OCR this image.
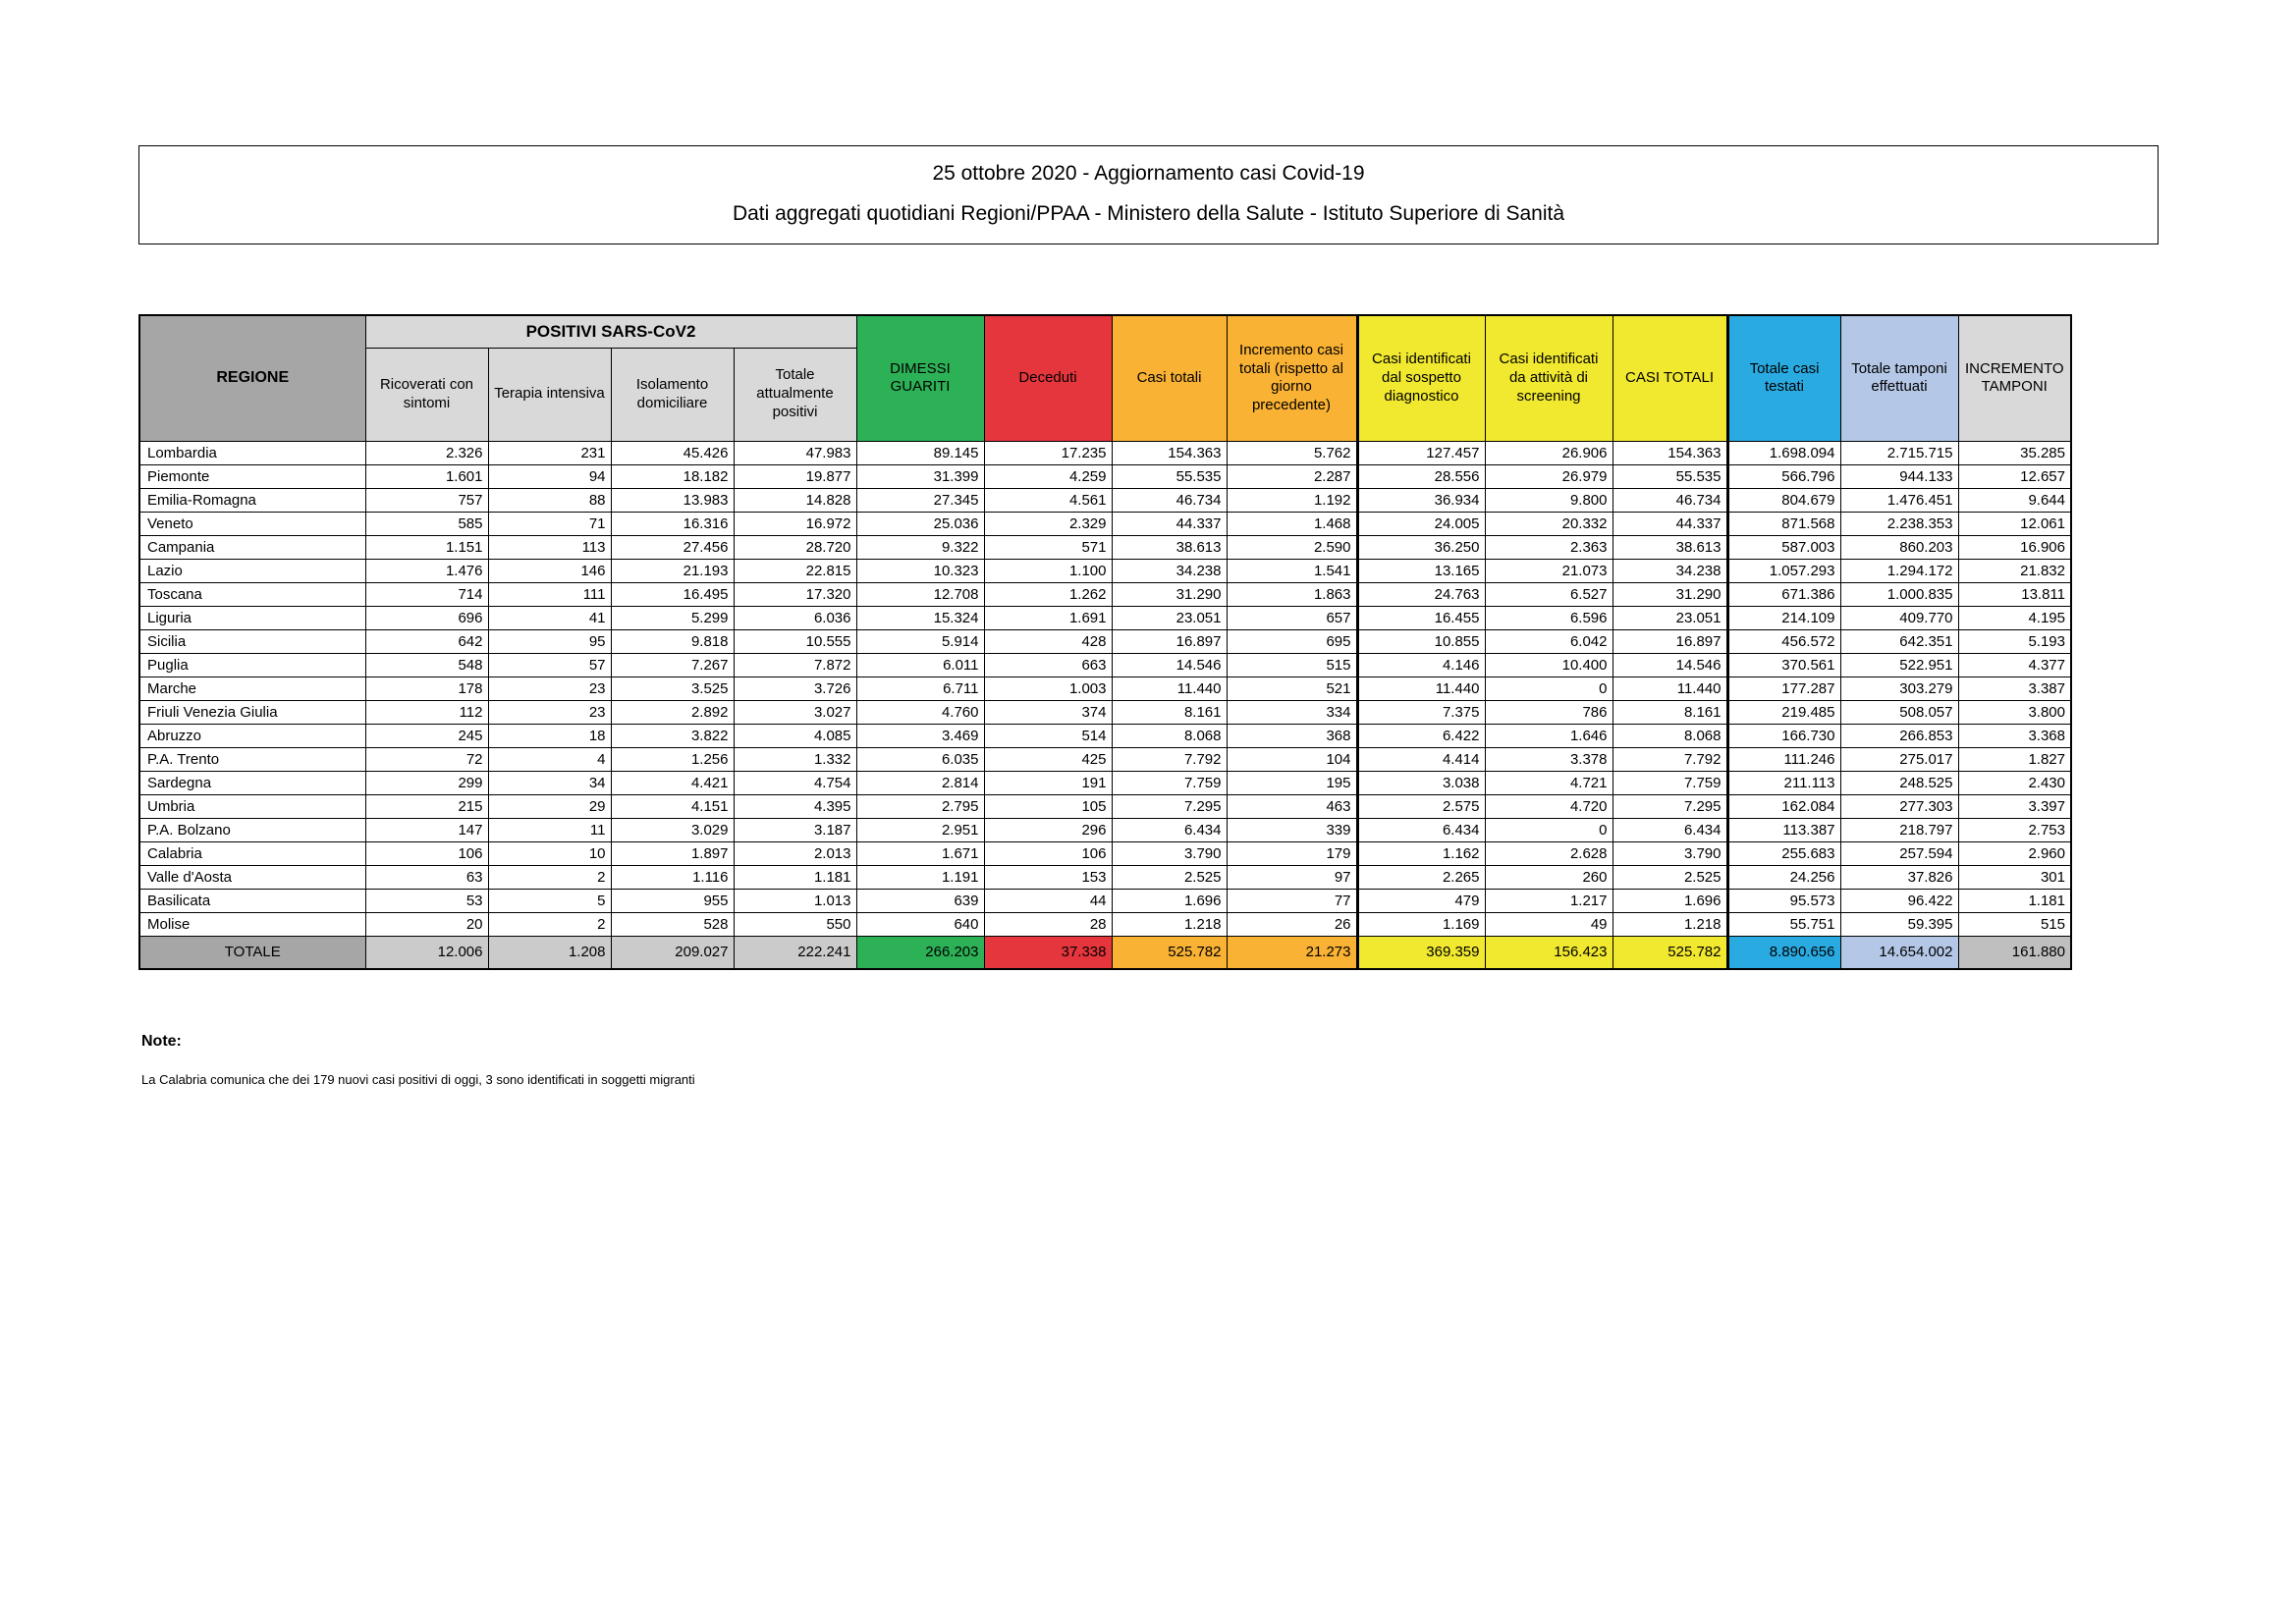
25 ottobre 2020 - Aggiornamento casi Covid-19
Dati aggregati quotidiani Regioni/PPAA - Ministero della Salute - Istituto Superiore di Sanità
REGIONE	POSITIVI SARS-CoV2				DIMESSI GUARITI	Deceduti	Casi totali	Incremento casi totali (rispetto al giorno precedente)	Casi identificati dal sospetto diagnostico	Casi identificati da attività di screening	CASI TOTALI	Totale casi testati	Totale tamponi effettuati	INCREMENTO TAMPONI
	Ricoverati con sintomi	Terapia intensiva	Isolamento domiciliare	Totale attualmente positivi										
Lombardia	2.326	231	45.426	47.983	89.145	17.235	154.363	5.762	127.457	26.906	154.363	1.698.094	2.715.715	35.285
Piemonte	1.601	94	18.182	19.877	31.399	4.259	55.535	2.287	28.556	26.979	55.535	566.796	944.133	12.657
Emilia-Romagna	757	88	13.983	14.828	27.345	4.561	46.734	1.192	36.934	9.800	46.734	804.679	1.476.451	9.644
Veneto	585	71	16.316	16.972	25.036	2.329	44.337	1.468	24.005	20.332	44.337	871.568	2.238.353	12.061
Campania	1.151	113	27.456	28.720	9.322	571	38.613	2.590	36.250	2.363	38.613	587.003	860.203	16.906
Lazio	1.476	146	21.193	22.815	10.323	1.100	34.238	1.541	13.165	21.073	34.238	1.057.293	1.294.172	21.832
Toscana	714	111	16.495	17.320	12.708	1.262	31.290	1.863	24.763	6.527	31.290	671.386	1.000.835	13.811
Liguria	696	41	5.299	6.036	15.324	1.691	23.051	657	16.455	6.596	23.051	214.109	409.770	4.195
Sicilia	642	95	9.818	10.555	5.914	428	16.897	695	10.855	6.042	16.897	456.572	642.351	5.193
Puglia	548	57	7.267	7.872	6.011	663	14.546	515	4.146	10.400	14.546	370.561	522.951	4.377
Marche	178	23	3.525	3.726	6.711	1.003	11.440	521	11.440	0	11.440	177.287	303.279	3.387
Friuli Venezia Giulia	112	23	2.892	3.027	4.760	374	8.161	334	7.375	786	8.161	219.485	508.057	3.800
Abruzzo	245	18	3.822	4.085	3.469	514	8.068	368	6.422	1.646	8.068	166.730	266.853	3.368
P.A. Trento	72	4	1.256	1.332	6.035	425	7.792	104	4.414	3.378	7.792	111.246	275.017	1.827
Sardegna	299	34	4.421	4.754	2.814	191	7.759	195	3.038	4.721	7.759	211.113	248.525	2.430
Umbria	215	29	4.151	4.395	2.795	105	7.295	463	2.575	4.720	7.295	162.084	277.303	3.397
P.A. Bolzano	147	11	3.029	3.187	2.951	296	6.434	339	6.434	0	6.434	113.387	218.797	2.753
Calabria	106	10	1.897	2.013	1.671	106	3.790	179	1.162	2.628	3.790	255.683	257.594	2.960
Valle d'Aosta	63	2	1.116	1.181	1.191	153	2.525	97	2.265	260	2.525	24.256	37.826	301
Basilicata	53	5	955	1.013	639	44	1.696	77	479	1.217	1.696	95.573	96.422	1.181
Molise	20	2	528	550	640	28	1.218	26	1.169	49	1.218	55.751	59.395	515
TOTALE	12.006	1.208	209.027	222.241	266.203	37.338	525.782	21.273	369.359	156.423	525.782	8.890.656	14.654.002	161.880
Note:
La Calabria comunica che dei 179 nuovi casi positivi di oggi, 3 sono identificati in soggetti migranti
